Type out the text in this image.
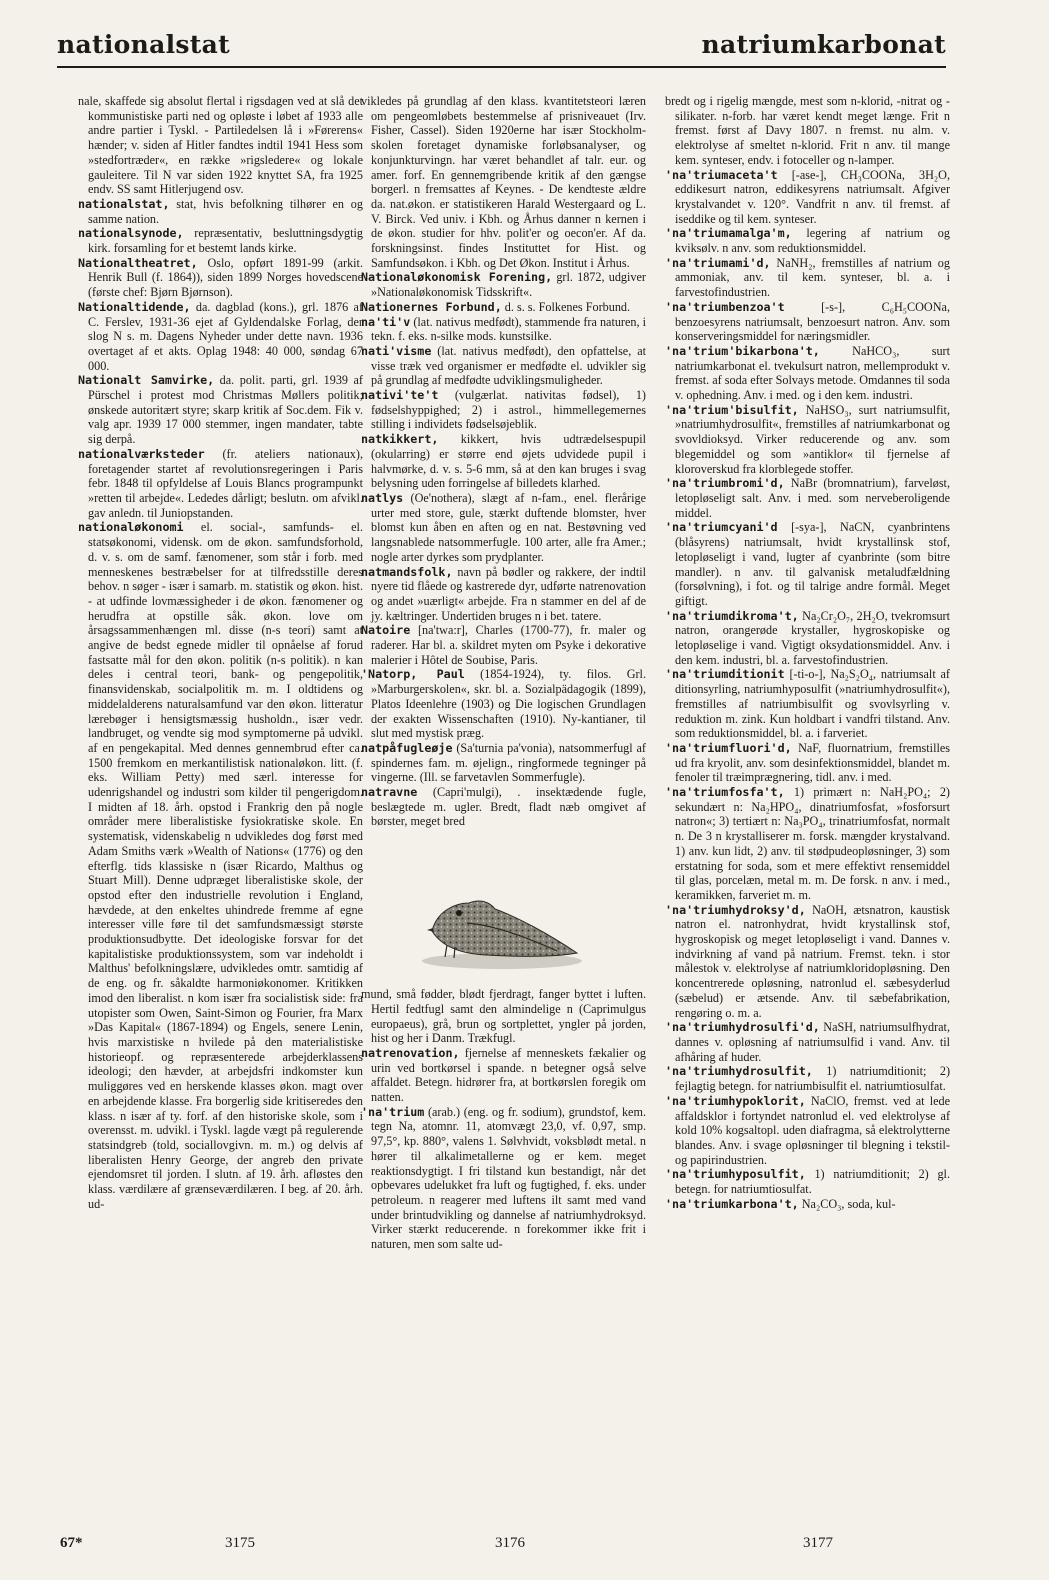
nationalstat	natriumkarbonat

nale, skaffede sig absolut flertal i rigsdagen ved at slå det kommunistiske parti ned og opløste i løbet af 1933 alle andre partier i Tyskl. - Partiledelsen lå i »Førerens« hænder; v. siden af Hitler fandtes indtil 1941 Hess som »stedfortræder«, en række »rigsledere« og lokale gauleitere. Til N var siden 1922 knyttet SA, fra 1925 endv. SS samt Hitlerjugend osv.

nationalstat, stat, hvis befolkning tilhører en og samme nation.

nationalsynode, repræsentativ, besluttningsdygtig kirk. forsamling for et bestemt lands kirke.

Nationaltheatret, Oslo, opført 1891-99 (arkit. Henrik Bull (f. 1864)), siden 1899 Norges hovedscene (første chef: Bjørn Bjørnson).

Nationaltidende, da. dagblad (kons.), grl. 1876 af C. Ferslev, 1931-36 ejet af Gyldendalske Forlag, der slog N s. m. Dagens Nyheder under dette navn. 1936 overtaget af et akts. Oplag 1948: 40 000, søndag 67 000.

Nationalt Samvirke, da. polit. parti, grl. 1939 af Pürschel i protest mod Christmas Møllers politik; ønskede autoritært styre; skarp kritik af Soc.dem. Fik v. valg apr. 1939 17 000 stemmer, ingen mandater, tabte sig derpå.

nationalværksteder (fr. ateliers nationaux), foretagender startet af revolutionsregeringen i Paris febr. 1848 til opfyldelse af Louis Blancs programpunkt »retten til arbejde«. Lededes dårligt; beslutn. om afvikl. gav anledn. til Juniopstanden.

nationaløkonomi el. social-, samfunds- el. statsøkonomi, vidensk. om de økon. samfundsforhold, d. v. s. om de samf. fænomener, som står i forb. med menneskenes bestræbelser for at tilfredsstille deres behov. n søger - især i samarb. m. statistik og økon. hist. - at udfinde lovmæssigheder i de økon. fænomener og herudfra at opstille såk. økon. love om årsagssammenhængen ml. disse (n-s teori) samt at angive de bedst egnede midler til opnåelse af forud fastsatte mål for den økon. politik (n-s politik). n kan deles i central teori, bank- og pengepolitik, finansvidenskab, socialpolitik m. m. I oldtidens og middelalderens naturalsamfund var den økon. litteratur lærebøger i hensigtsmæssig husholdn., især vedr. landbruget, og vendte sig mod symptomerne på udvikl. af en pengekapital. Med dennes gennembrud efter ca. 1500 fremkom en merkantilistisk nationaløkon. litt. (f. eks. William Petty) med særl. interesse for udenrigshandel og industri som kilder til pengerigdom. I midten af 18. årh. opstod i Frankrig den på nogle områder mere liberalistiske fysiokratiske skole. En systematisk, videnskabelig n udvikledes dog først med Adam Smiths værk »Wealth of Nations« (1776) og den efterflg. tids klassiske n (især Ricardo, Malthus og Stuart Mill). Denne udpræget liberalistiske skole, der opstod efter den industrielle revolution i England, hævdede, at den enkeltes uhindrede fremme af egne interesser ville føre til det samfundsmæssigt største produktionsudbytte. Det ideologiske forsvar for det kapitalistiske produktionssystem, som var indeholdt i Malthus' befolkningslære, udvikledes omtr. samtidig af de eng. og fr. såkaldte harmoniøkonomer. Kritikken imod den liberalist. n kom især fra socialistisk side: fra utopister som Owen, Saint-Simon og Fourier, fra Marx »Das Kapital« (1867-1894) og Engels, senere Lenin, hvis marxistiske n hvilede på den materialistiske historieopf. og repræsenterede arbejderklassens ideologi; den hævder, at arbejdsfri indkomster kun muliggøres ved en herskende klasses økon. magt over en arbejdende klasse. Fra borgerlig side kritiseredes den klass. n især af ty. forf. af den historiske skole, som i overensst. m. udvikl. i Tyskl. lagde vægt på regulerende statsindgreb (told, sociallovgivn. m. m.) og delvis af liberalisten Henry George, der angreb den private ejendomsret til jorden. I slutn. af 19. årh. afløstes den klass. værdilære af grænseværdilæren. I beg. af 20. årh. ud-

vikledes på grundlag af den klass. kvantitetsteori læren om pengeomløbets bestemmelse af prisniveauet (Irv. Fisher, Cassel). Siden 1920erne har især Stockholm-skolen foretaget dynamiske forløbsanalyser, og konjunkturvingn. har været behandlet af talr. eur. og amer. forf. En gennemgribende kritik af den gængse borgerl. n fremsattes af Keynes. - De kendteste ældre da. nat.økon. er statistikeren Harald Westergaard og L. V. Birck. Ved univ. i Kbh. og Århus danner n kernen i de økon. studier for hhv. polit'er og oecon'er. Af da. forskningsinst. findes Instituttet for Hist. og Samfundsøkon. i Kbh. og Det Økon. Institut i Århus.

Nationaløkonomisk Forening, grl. 1872, udgiver »Nationaløkonomisk Tidsskrift«.

Nationernes Forbund, d. s. s. Folkenes Forbund.

na'ti'v (lat. nativus medfødt), stammende fra naturen, i tekn. f. eks. n-silke mods. kunstsilke.

nati'visme (lat. nativus medfødt), den opfattelse, at visse træk ved organismer er medfødte el. udvikler sig på grundlag af medfødte udviklingsmuligheder.

nativi'te't (vulgærlat. nativitas fødsel), 1) fødselshyppighed; 2) i astrol., himmellegemernes stilling i individets fødselsøjeblik.

natkikkert, kikkert, hvis udtrædelsespupil (okularring) er større end øjets udvidede pupil i halvmørke, d. v. s. 5-6 mm, så at den kan bruges i svag belysning uden forringelse af billedets klarhed.

natlys (Oe'nothera), slægt af n-fam., enel. flerårige urter med store, gule, stærkt duftende blomster, hver blomst kun åben en aften og en nat. Bestøvning ved langsnablede natsommerfugle. 100 arter, alle fra Amer.; nogle arter dyrkes som prydplanter.

natmandsfolk, navn på bødler og rakkere, der indtil nyere tid flåede og kastrerede dyr, udførte natrenovation og andet »uærligt« arbejde. Fra n stammer en del af de jy. kæltringer. Undertiden bruges n i bet. tatere.

Natoire [na'twa:r], Charles (1700-77), fr. maler og raderer. Har bl. a. skildret myten om Psyke i dekorative malerier i Hôtel de Soubise, Paris.

'Natorp, Paul (1854-1924), ty. filos. Grl. »Marburgerskolen«, skr. bl. a. Sozialpädagogik (1899), Platos Ideenlehre (1903) og Die logischen Grundlagen der exakten Wissenschaften (1910). Ny-kantianer, til slut med mystisk præg.

natpåfugleøje (Sa'turnia pa'vonia), natsommerfugl af spindernes fam. m. øjelign., ringformede tegninger på vingerne. (Ill. se farvetavlen Sommerfugle).

natravne (Capri'mulgi), . insektædende fugle, beslægtede m. ugler. Bredt, fladt næb omgivet af børster, meget bred

mund, små fødder, blødt fjerdragt, fanger byttet i luften. Hertil fedtfugl samt den almindelige n (Caprimulgus europaeus), grå, brun og sortplettet, yngler på jorden, hist og her i Danm. Trækfugl.

natrenovation, fjernelse af menneskets fækalier og urin ved bortkørsel i spande. n betegner også selve affaldet. Betegn. hidrører fra, at bortkørslen foregik om natten.

'na'trium (arab.) (eng. og fr. sodium), grundstof, kem. tegn Na, atomnr. 11, atomvægt 23,0, vf. 0,97, smp. 97,5°, kp. 880°, valens 1. Sølvhvidt, voksblødt metal. n hører til alkalimetallerne og er kem. meget reaktionsdygtigt. I fri tilstand kun bestandigt, når det opbevares udelukket fra luft og fugtighed, f. eks. under petroleum. n reagerer med luftens ilt samt med vand under brintudvikling og dannelse af natriumhydroksyd. Virker stærkt reducerende. n forekommer ikke frit i naturen, men som salte ud-

bredt og i rigelig mængde, mest som n-klorid, -nitrat og -silikater. n-forb. har været kendt meget længe. Frit n fremst. først af Davy 1807. n fremst. nu alm. v. elektrolyse af smeltet n-klorid. Frit n anv. til mange kem. synteser, endv. i fotoceller og n-lamper.

'na'triumaceta't [-ase-], CH₃COONa, 3H₂O, eddikesurt natron, eddikesyrens natriumsalt. Afgiver krystalvandet v. 120°. Vandfrit n anv. til fremst. af iseddike og til kem. synteser.

'na'triumamalga'm, legering af natrium og kviksølv. n anv. som reduktionsmiddel.

'na'triumami'd, NaNH₂, fremstilles af natrium og ammoniak, anv. til kem. synteser, bl. a. i farvestofindustrien.

'na'triumbenzoa't [-s-], C₆H₅COONa, benzoesyrens natriumsalt, benzoesurt natron. Anv. som konserveringsmiddel for næringsmidler.

'na'trium'bikarbona't, NaHCO₃, surt natriumkarbonat el. tvekulsurt natron, mellemprodukt v. fremst. af soda efter Solvays metode. Omdannes til soda v. ophedning. Anv. i med. og i den kem. industri.

'na'trium'bisulfit, NaHSO₃, surt natriumsulfit, »natriumhydrosulfit«, fremstilles af natriumkarbonat og svovldioksyd. Virker reducerende og anv. som blegemiddel og som »antiklor« til fjernelse af kloroverskud fra klorblegede stoffer.

'na'triumbromi'd, NaBr (bromnatrium), farveløst, letopløseligt salt. Anv. i med. som nerveberoligende middel.

'na'triumcyani'd [-sya-], NaCN, cyanbrintens (blåsyrens) natriumsalt, hvidt krystallinsk stof, letopløseligt i vand, lugter af cyanbrinte (som bitre mandler). n anv. til galvanisk metaludfældning (forsølvning), i fot. og til talrige andre formål. Meget giftigt.

'na'triumdikroma't, Na₂Cr₂O₇, 2H₂O, tvekromsurt natron, orangerøde krystaller, hygroskopiske og letopløselige i vand. Vigtigt oksydationsmiddel. Anv. i den kem. industri, bl. a. farvestofindustrien.

'na'triumditionit [-ti-o-], Na₂S₂O₄, natriumsalt af ditionsyrling, natriumhyposulfit (»natriumhydrosulfit«), fremstilles af natriumbisulfit og svovlsyrling v. reduktion m. zink. Kun holdbart i vandfri tilstand. Anv. som reduktionsmiddel, bl. a. i farveriet.

'na'triumfluori'd, NaF, fluornatrium, fremstilles ud fra kryolit, anv. som desinfektionsmiddel, blandet m. fenoler til træimprægnering, tidl. anv. i med.

'na'triumfosfa't, 1) primært n: NaH₂PO₄; 2) sekundært n: Na₂HPO₄, dinatriumfosfat, »fosforsurt natron«; 3) tertiært n: Na₃PO₄, trinatriumfosfat, normalt n. De 3 n krystalliserer m. forsk. mængder krystalvand. 1) anv. kun lidt, 2) anv. til stødpudeopløsninger, 3) som erstatning for soda, som et mere effektivt rensemiddel til glas, porcelæn, metal m. m. De forsk. n anv. i med., keramikken, farveriet m. m.

'na'triumhydroksy'd, NaOH, ætsnatron, kaustisk natron el. natronhydrat, hvidt krystallinsk stof, hygroskopisk og meget letopløseligt i vand. Dannes v. indvirkning af vand på natrium. Fremst. tekn. i stor målestok v. elektrolyse af natriumkloridopløsning. Den koncentrerede opløsning, natronlud el. sæbesyderlud (sæbelud) er ætsende. Anv. til sæbefabrikation, rengøring o. m. a.

'na'triumhydrosulfi'd, NaSH, natriumsulfhydrat, dannes v. opløsning af natriumsulfid i vand. Anv. til afhåring af huder.

'na'triumhydrosulfit, 1) natriumditionit; 2) fejlagtig betegn. for natriumbisulfit el. natriumtiosulfat.

'na'triumhypoklorit, NaClO, fremst. ved at lede affaldsklor i fortyndet natronlud el. ved elektrolyse af kold 10% kogsaltopl. uden diafragma, så elektrolytterne blandes. Anv. i svage opløsninger til blegning i tekstil- og papirindustrien.

'na'triumhyposulfit, 1) natriumditionit; 2) gl. betegn. for natriumtiosulfat.

'na'triumkarbona't, Na₂CO₃, soda, kul-

67*	3175	3176	3177
